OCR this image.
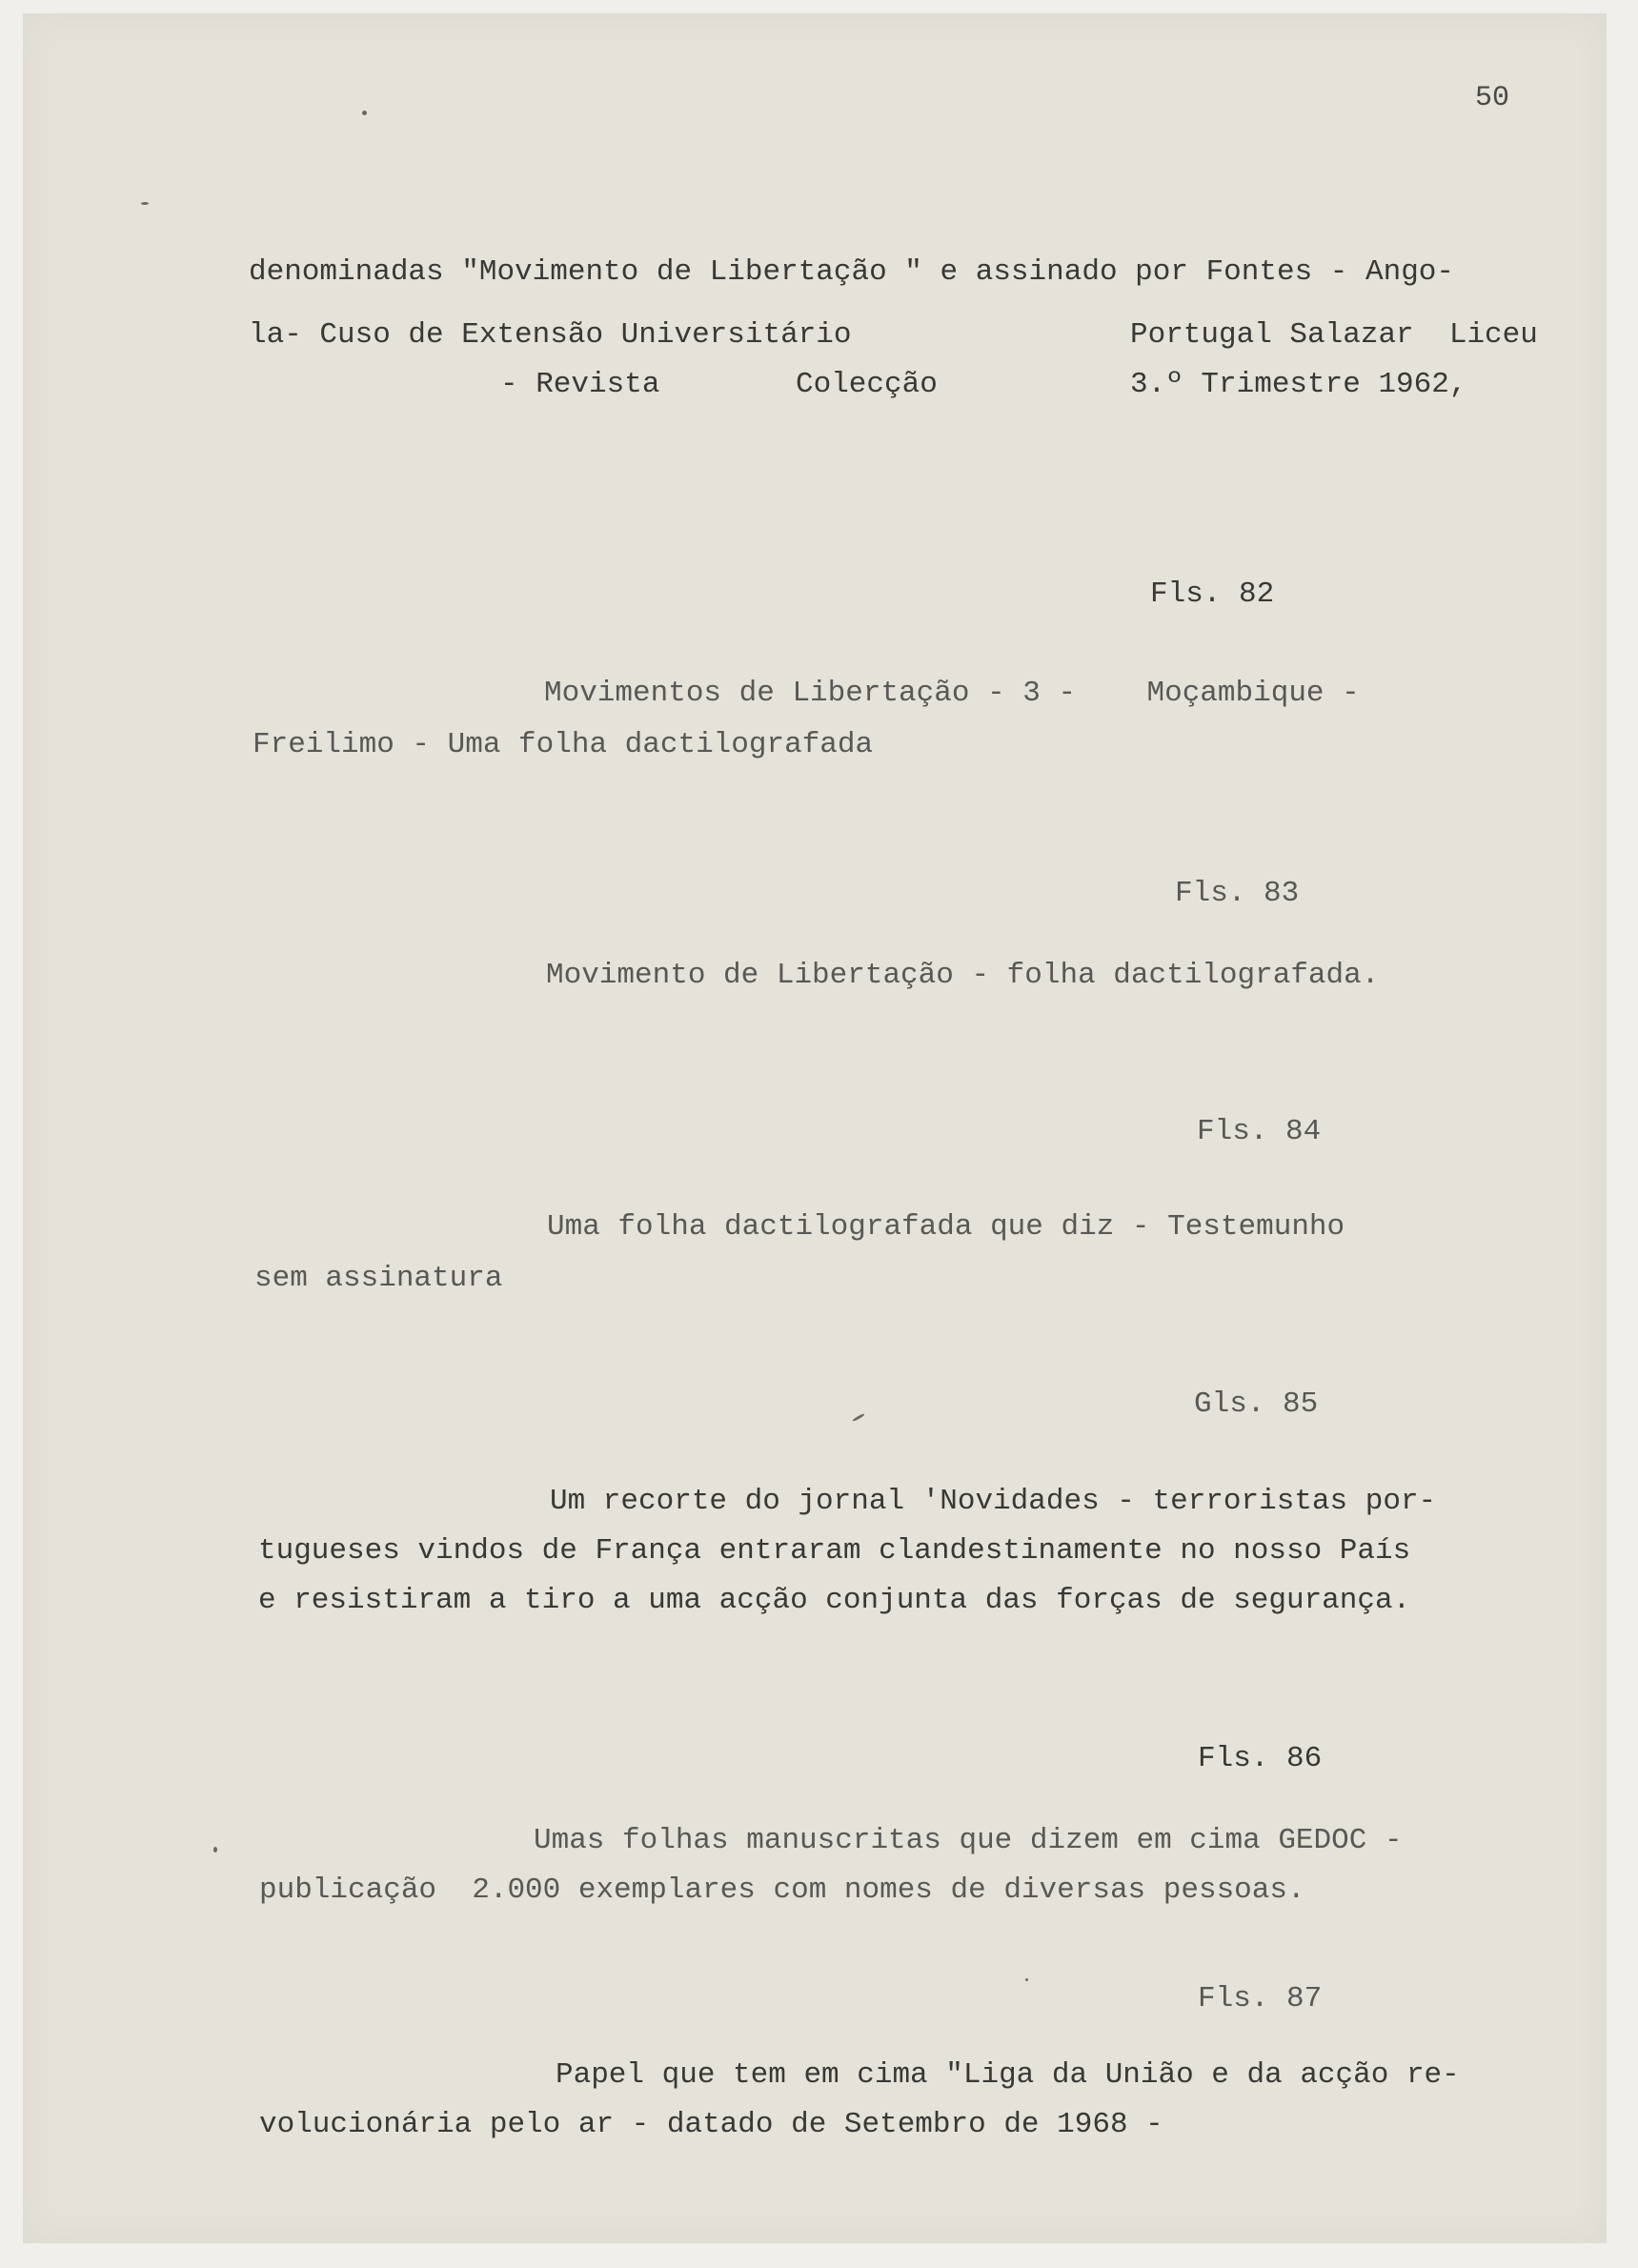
50
denominadas "Movimento de Libertação " e assinado por Fontes - Ango-
la- Cuso de Extensão Universitário	Portugal Salazar  Liceu
- Revista	Colecção	3.º Trimestre 1962,
Fls. 82
Movimentos de Libertação - 3 -    Moçambique -
Freilimo - Uma folha dactilografada
Fls. 83
Movimento de Libertação - folha dactilografada.
Fls. 84
Uma folha dactilografada que diz - Testemunho
sem assinatura
Gls. 85
Um recorte do jornal 'Novidades - terroristas por-
tugueses vindos de França entraram clandestinamente no nosso País
e resistiram a tiro a uma acção conjunta das forças de segurança.
Fls. 86
Umas folhas manuscritas que dizem em cima GEDOC -
publicação  2.000 exemplares com nomes de diversas pessoas.
Fls. 87
Papel que tem em cima "Liga da União e da acção re-
volucionária pelo ar - datado de Setembro de 1968 -
